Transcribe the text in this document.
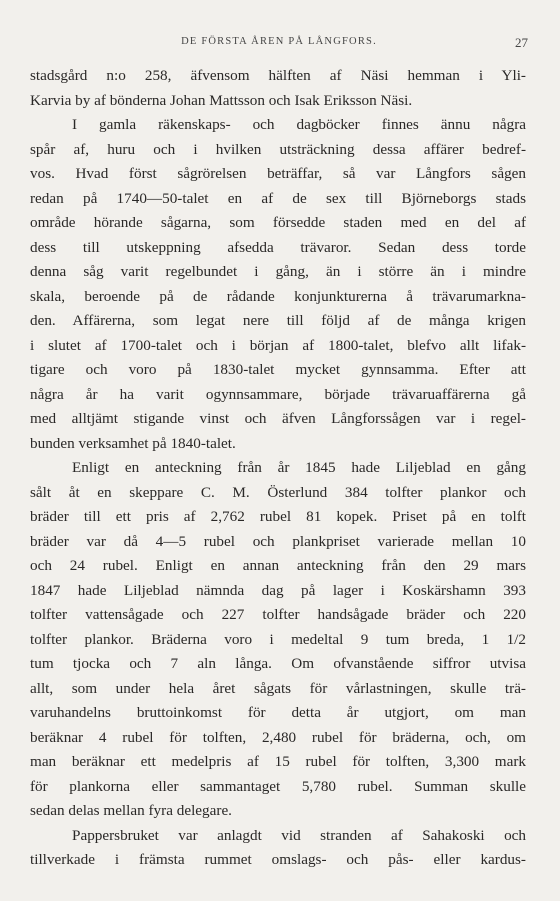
DE FÖRSTA ÅREN PÅ LÅNGFORS.	27
stadsgård n:o 258, äfvensom hälften af Näsi hemman i Yli-
Karvia by af bönderna Johan Mattsson och Isak Eriksson Näsi.
I gamla räkenskaps- och dagböcker finnes ännu några
spår af, huru och i hvilken utsträckning dessa affärer bedref-
vos. Hvad först sågrörelsen beträffar, så var Långfors sågen
redan på 1740—50-talet en af de sex till Björneborgs stads
område hörande sågarna, som försedde staden med en del af
dess till utskeppning afsedda trävaror. Sedan dess torde
denna såg varit regelbundet i gång, än i större än i mindre
skala, beroende på de rådande konjunkturerna å trävarumarkna-
den. Affärerna, som legat nere till följd af de många krigen
i slutet af 1700-talet och i början af 1800-talet, blefvo allt lifak-
tigare och voro på 1830-talet mycket gynnsamma. Efter att
några år ha varit ogynnsammare, började trävaruaffärerna gå
med alltjämt stigande vinst och äfven Långforssågen var i regel-
bunden verksamhet på 1840-talet.
Enligt en anteckning från år 1845 hade Liljeblad en gång
sålt åt en skeppare C. M. Österlund 384 tolfter plankor och
bräder till ett pris af 2,762 rubel 81 kopek. Priset på en tolft
bräder var då 4—5 rubel och plankpriset varierade mellan 10
och 24 rubel. Enligt en annan anteckning från den 29 mars
1847 hade Liljeblad nämnda dag på lager i Koskärshamn 393
tolfter vattensågade och 227 tolfter handsågade bräder och 220
tolfter plankor. Bräderna voro i medeltal 9 tum breda, 1 1/2
tum tjocka och 7 aln långa. Om ofvanstående siffror utvisa
allt, som under hela året sågats för vårlastningen, skulle trä-
varuhandelns bruttoinkomst för detta år utgjort, om man
beräknar 4 rubel för tolften, 2,480 rubel för bräderna, och, om
man beräknar ett medelpris af 15 rubel för tolften, 3,300 mark
för plankorna eller sammantaget 5,780 rubel. Summan skulle
sedan delas mellan fyra delegare.
Pappersbruket var anlagdt vid stranden af Sahakoski och
tillverkade i främsta rummet omslags- och pås- eller kardus-
